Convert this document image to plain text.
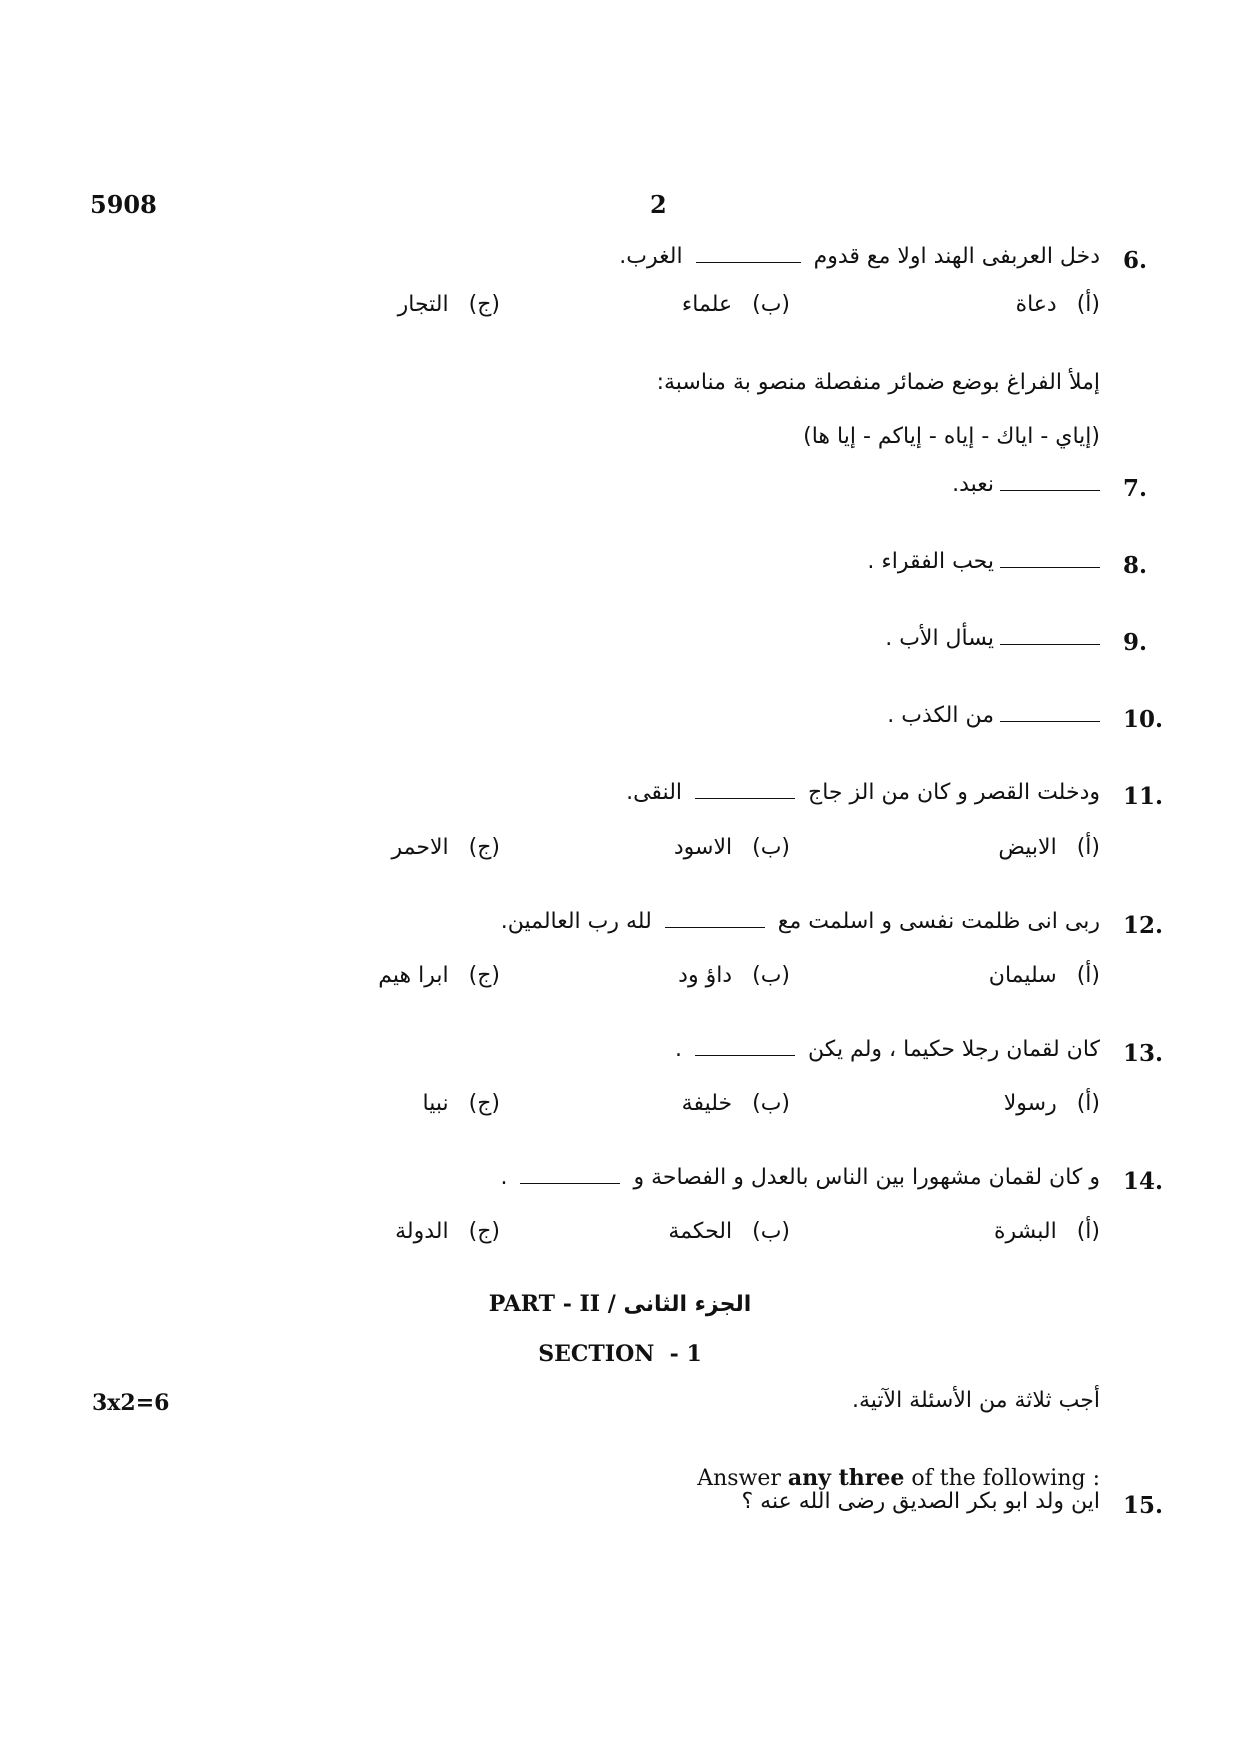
5908	2
6.
دخل العربفى الهند اولا مع قدوم  الغرب.
(أ)دعاة
(ب)علماء
(ج)التجار
إملأ الفراغ بوضع ضمائر منفصلة منصو بة مناسبة:
(إياي - اياك - إياه - إياكم - إيا ها)
7.
نعبد.
8.
يحب الفقراء .
9.
يسأل الأب .
10.
من الكذب .
11.
ودخلت القصر و كان من الز جاج  النقى.
(أ)الابيض
(ب)الاسود
(ج)الاحمر
12.
ربى انى ظلمت نفسى و اسلمت مع  لله رب العالمين.
(أ)سليمان
(ب)داؤ ود
(ج)ابرا هيم
13.
كان لقمان رجلا حكيما ، ولم يكن  .
(أ)رسولا
(ب)خليفة
(ج)نبيا
14.
و كان لقمان مشهورا بين الناس بالعدل و الفصاحة و  .
(أ)البشرة
(ب)الحكمة
(ج)الدولة
PART - II / الجزء الثانى
SECTION  - 1
3x2=6	أجب ثلاثة من الأسئلة الآتية.

Answer any three of the following :

15.
اين ولد ابو بكر الصديق رضى الله عنه ؟
